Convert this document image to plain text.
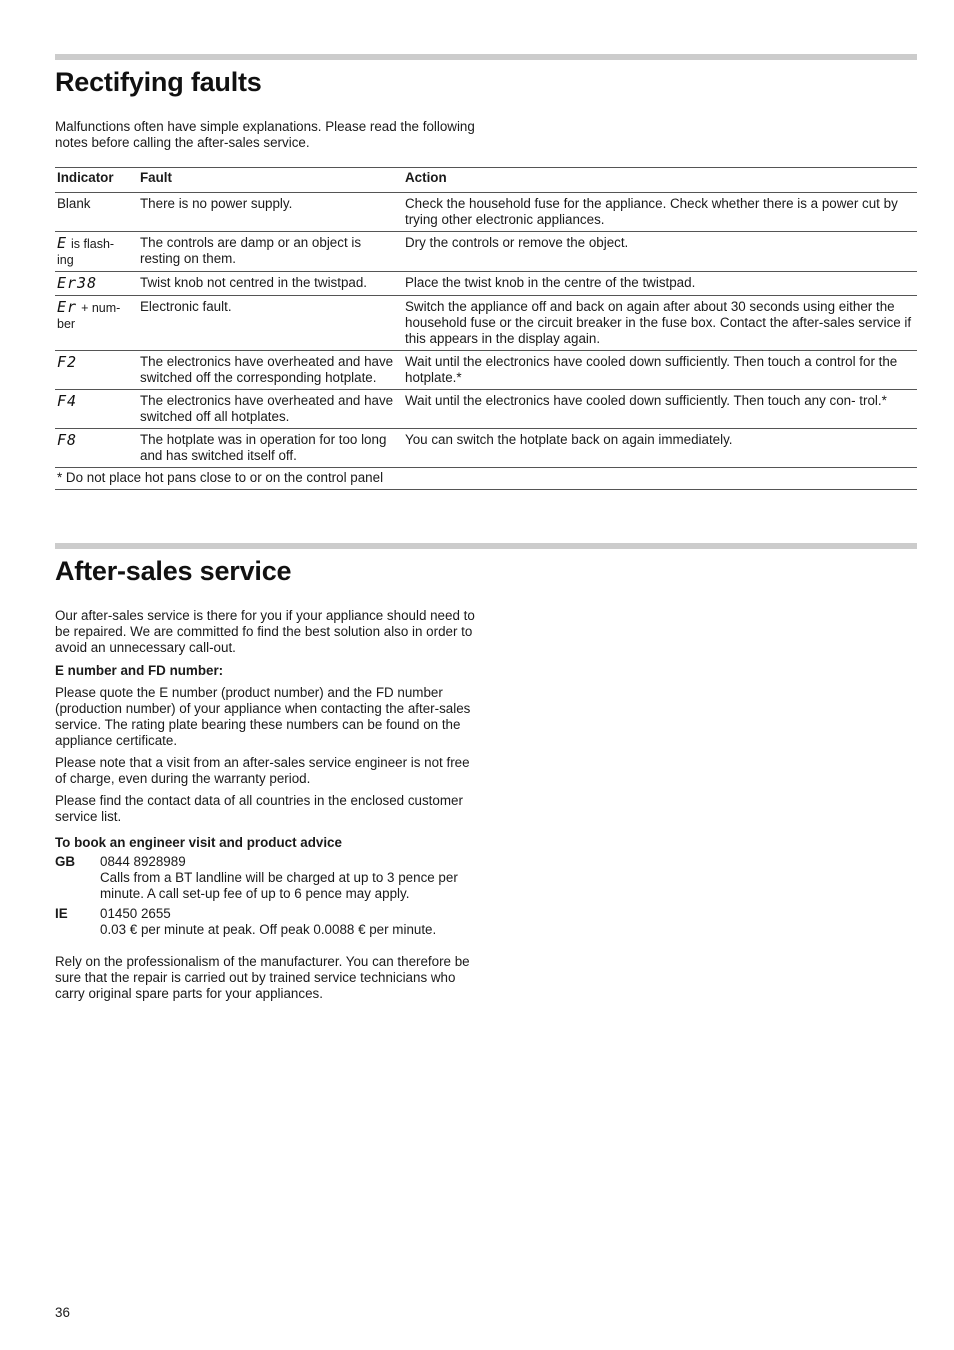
Rectifying faults

Malfunctions often have simple explanations. Please read the following notes before calling the after-sales service.

Indicator	Fault	Action
Blank	There is no power supply.	Check the household fuse for the appliance. Check whether there is a power cut by trying other electronic appliances.
E is flash- ing	The controls are damp or an object is resting on them.	Dry the controls or remove the object.
Er38	Twist knob not centred in the twistpad.	Place the twist knob in the centre of the twistpad.
Er + num- ber	Electronic fault.	Switch the appliance off and back on again after about 30 seconds using either the household fuse or the circuit breaker in the fuse box. Contact the after-sales service if this appears in the display again.
F2	The electronics have overheated and have switched off the corresponding hotplate.	Wait until the electronics have cooled down sufficiently. Then touch a control for the hotplate.*
F4	The electronics have overheated and have switched off all hotplates.	Wait until the electronics have cooled down sufficiently. Then touch any con- trol.*
F8	The hotplate was in operation for too long and has switched itself off.	You can switch the hotplate back on again immediately.
* Do not place hot pans close to or on the control panel		
After-sales service

Our after-sales service is there for you if your appliance should need to be repaired. We are committed fo find the best solution also in order to avoid an unnecessary call-out.

E number and FD number:

Please quote the E number (product number) and the FD number (production number) of your appliance when contacting the after-sales service. The rating plate bearing these numbers can be found on the appliance certificate.

Please note that a visit from an after-sales service engineer is not free of charge, even during the warranty period.

Please find the contact data of all countries in the enclosed customer service list.

To book an engineer visit and product advice

GB	0844 8928989
Calls from a BT landline will be charged at up to 3 pence per minute. A call set-up fee of up to 6 pence may apply.
IE	01450 2655
0.03 € per minute at peak. Off peak 0.0088 € per minute.

Rely on the professionalism of the manufacturer. You can therefore be sure that the repair is carried out by trained service technicians who carry original spare parts for your appliances.

36
